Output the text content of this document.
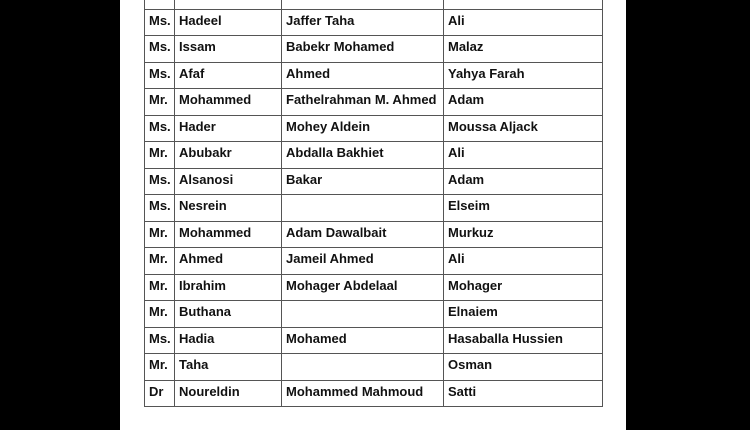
Ms.	Hadeel	Jaffer Taha	Ali
Ms.	Issam	Babekr Mohamed	Malaz
Ms.	Afaf	Ahmed	Yahya Farah
Mr.	Mohammed	Fathelrahman M. Ahmed	Adam
Ms.	Hader	Mohey Aldein	Moussa Aljack
Mr.	Abubakr	Abdalla Bakhiet	Ali
Ms.	Alsanosi	Bakar	Adam
Ms.	Nesrein		Elseim
Mr.	Mohammed	Adam Dawalbait	Murkuz
Mr.	Ahmed	Jameil Ahmed	Ali
Mr.	Ibrahim	Mohager Abdelaal	Mohager
Mr.	Buthana		Elnaiem
Ms.	Hadia	Mohamed	Hasaballa Hussien
Mr.	Taha		Osman
Dr	Noureldin	Mohammed Mahmoud	Satti
